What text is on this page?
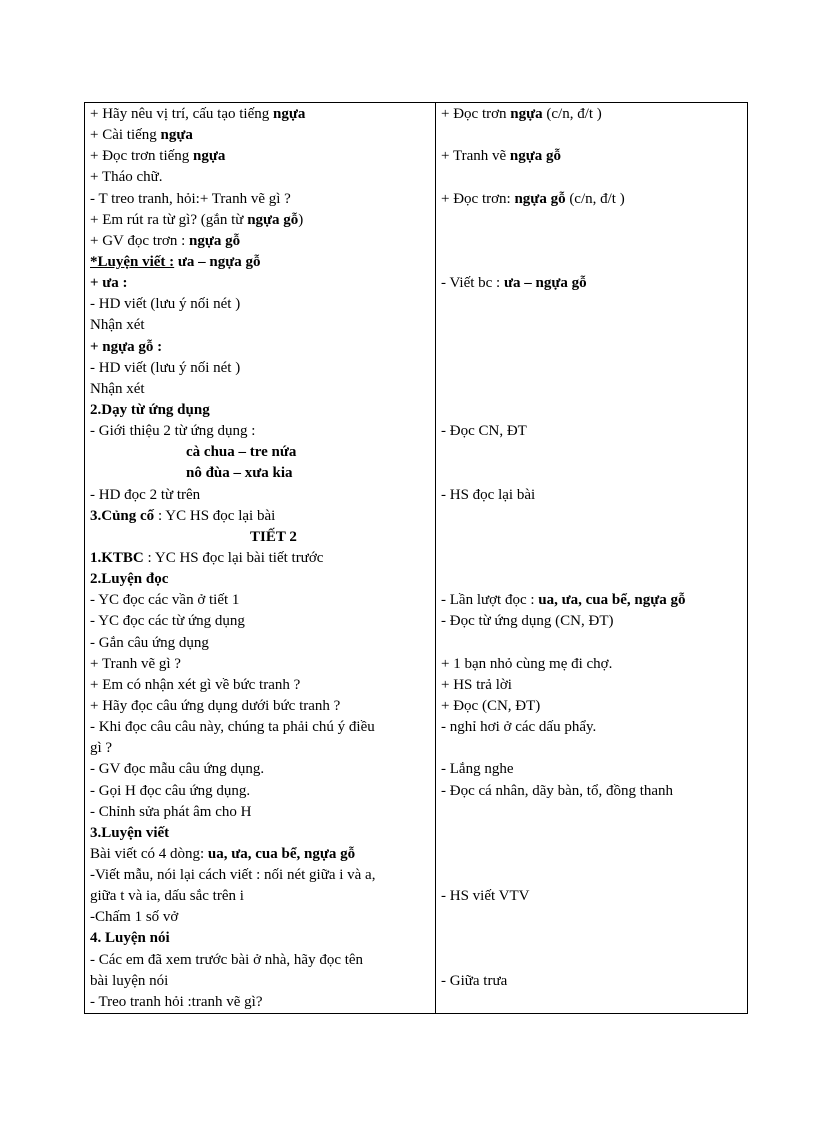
+ Hãy nêu vị trí, cấu tạo tiếng ngựa
+ Cài tiếng ngựa
+ Đọc trơn tiếng ngựa
+ Tháo chữ.
- T treo tranh, hỏi:+ Tranh vẽ gì ?
+ Em rút ra từ gì? (gắn từ ngựa gỗ)
+ GV đọc trơn : ngựa gỗ
*Luyện viết : ưa – ngựa gỗ
+ ưa :
- HD viết (lưu ý nối nét )
Nhận xét
+ ngựa gỗ :
- HD viết (lưu ý nối nét )
Nhận xét
2.Dạy từ ứng dụng
- Giới thiệu 2 từ ứng dụng :
cà chua – tre nứa
nô đùa – xưa kia
- HD đọc 2 từ trên
3.Củng cố : YC HS đọc lại bài
TIẾT 2
1.KTBC : YC HS đọc lại bài tiết trước
2.Luyện đọc
- YC đọc các vần ở tiết 1
- YC đọc các từ ứng dụng
- Gắn câu ứng dụng
+ Tranh vẽ gì ?
+ Em có nhận xét gì về bức tranh ?
+ Hãy đọc câu ứng dụng dưới bức tranh ?
- Khi đọc câu câu này, chúng ta phải chú ý điều
gì ?
- GV đọc mẫu câu ứng dụng.
- Gọi H đọc câu ứng dụng.
- Chỉnh sửa phát âm cho H
3.Luyện viết
Bài viết có 4 dòng: ua, ưa, cua bể, ngựa gỗ
-Viết mẫu, nói lại cách viết : nối nét giữa i và a,
giữa t và ia, dấu sắc trên i
-Chấm 1 số vở
4. Luyện nói
- Các em đã xem trước bài ở nhà, hãy đọc tên
bài luyện nói
- Treo tranh hỏi :tranh vẽ gì?
+ Đọc trơn ngựa (c/n, đ/t )
+ Tranh vẽ ngựa gỗ
+ Đọc trơn: ngựa gỗ (c/n, đ/t )
- Viết bc : ưa – ngựa gỗ
- Đọc CN, ĐT
- HS đọc lại bài
- Lần lượt đọc : ua, ưa, cua bể, ngựa gỗ
- Đọc từ ứng dụng (CN, ĐT)
+ 1 bạn nhỏ cùng mẹ đi chợ.
+ HS trả lời
+ Đọc (CN, ĐT)
- nghỉ hơi ở các dấu phẩy.
- Lắng nghe
- Đọc cá nhân, dãy bàn, tổ, đồng thanh
- HS viết VTV
- Giữa trưa
